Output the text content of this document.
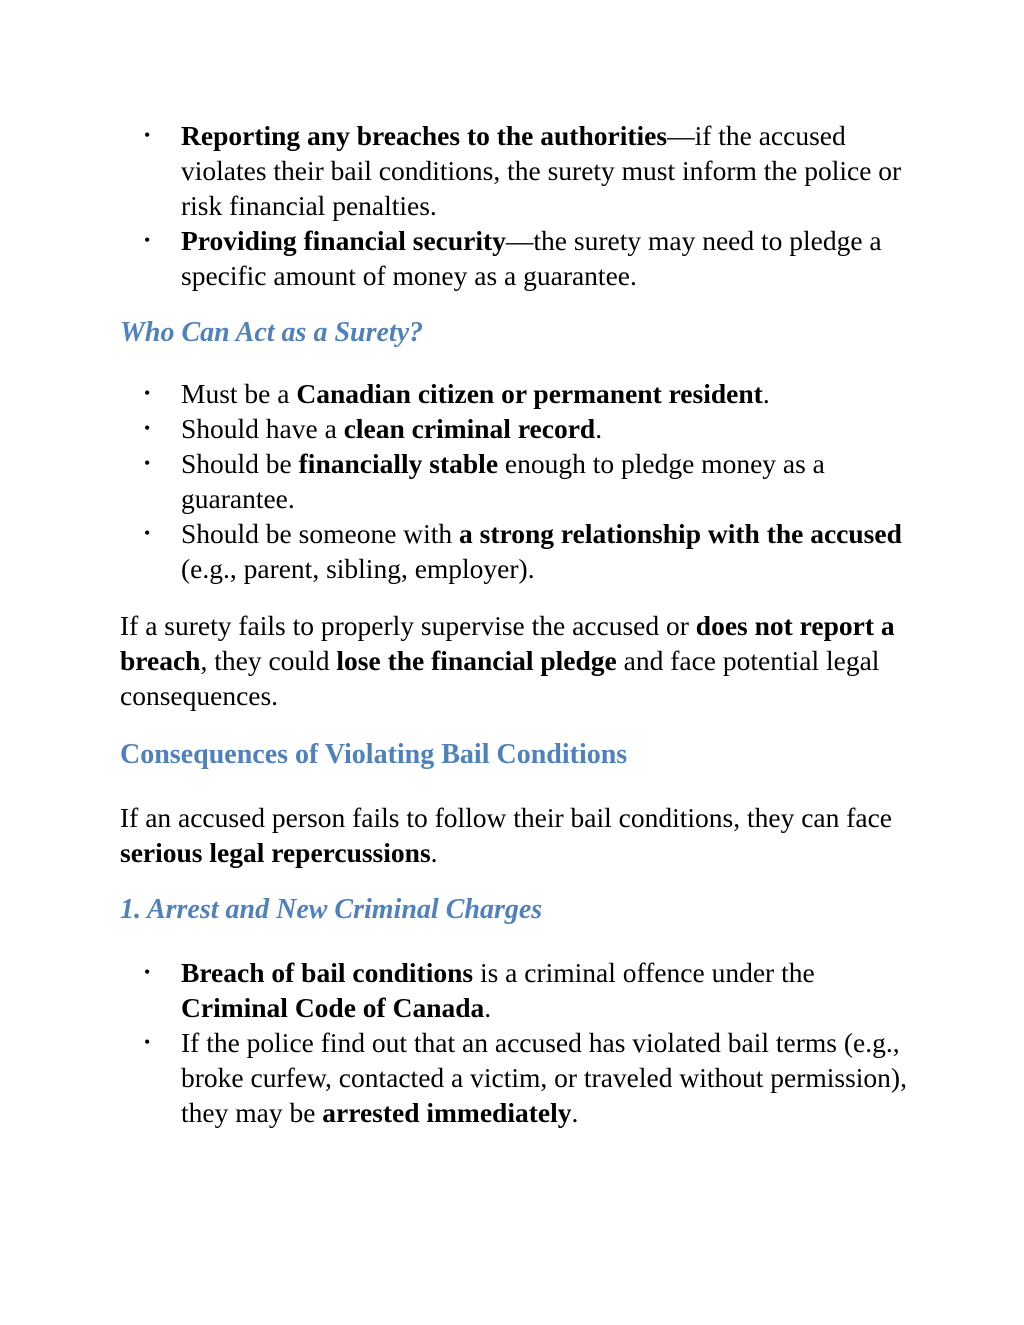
• Reporting any breaches to the authorities—if the accused violates their bail conditions, the surety must inform the police or risk financial penalties.
• Providing financial security—the surety may need to pledge a specific amount of money as a guarantee.
Who Can Act as a Surety?
• Must be a Canadian citizen or permanent resident.
• Should have a clean criminal record.
• Should be financially stable enough to pledge money as a guarantee.
• Should be someone with a strong relationship with the accused (e.g., parent, sibling, employer).

If a surety fails to properly supervise the accused or does not report a breach, they could lose the financial pledge and face potential legal consequences.

Consequences of Violating Bail Conditions

If an accused person fails to follow their bail conditions, they can face serious legal repercussions.

1. Arrest and New Criminal Charges
• Breach of bail conditions is a criminal offence under the Criminal Code of Canada.
• If the police find out that an accused has violated bail terms (e.g., broke curfew, contacted a victim, or traveled without permission), they may be arrested immediately.
